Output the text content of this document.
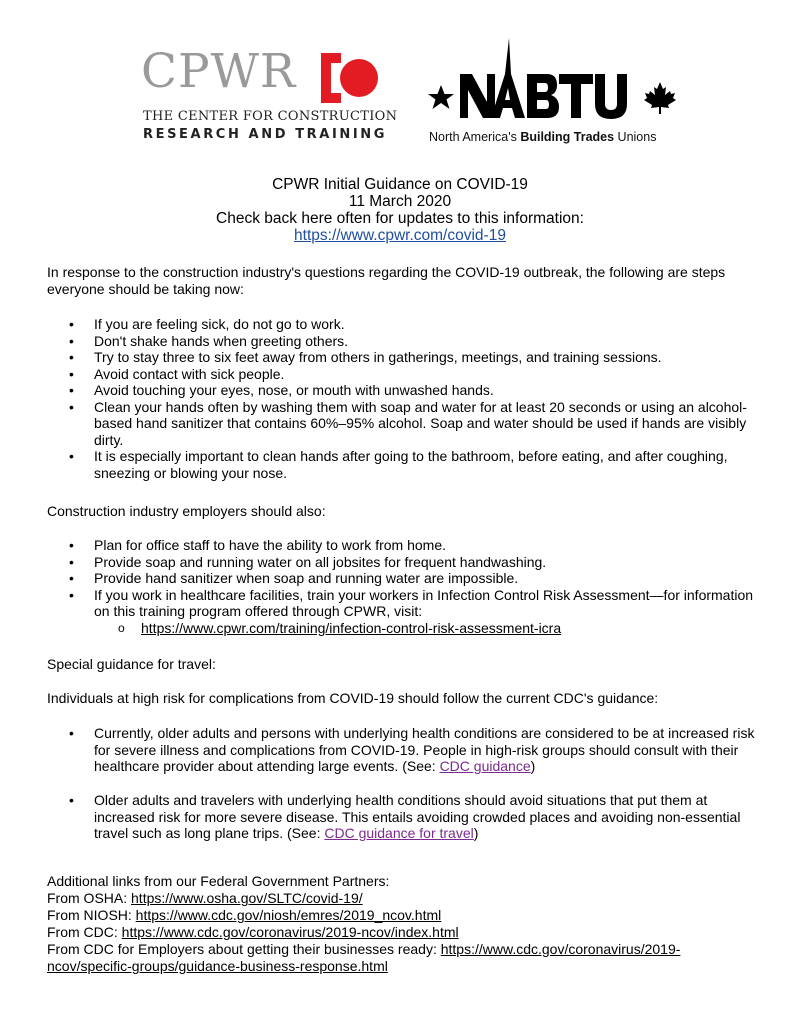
CPWR
THE CENTER FOR CONSTRUCTION
RESEARCH AND TRAINING	North America's Building Trades Unions
CPWR Initial Guidance on COVID-19
11 March 2020
Check back here often for updates to this information:
https://www.cpwr.com/covid-19
In response to the construction industry's questions regarding the COVID-19 outbreak, the following are steps everyone should be taking now:
• If you are feeling sick, do not go to work.
• Don't shake hands when greeting others.
• Try to stay three to six feet away from others in gatherings, meetings, and training sessions.
• Avoid contact with sick people.
• Avoid touching your eyes, nose, or mouth with unwashed hands.
• Clean your hands often by washing them with soap and water for at least 20 seconds or using an alcohol-based hand sanitizer that contains 60%–95% alcohol. Soap and water should be used if hands are visibly dirty.
• It is especially important to clean hands after going to the bathroom, before eating, and after coughing, sneezing or blowing your nose.
Construction industry employers should also:
• Plan for office staff to have the ability to work from home.
• Provide soap and running water on all jobsites for frequent handwashing.
• Provide hand sanitizer when soap and running water are impossible.
• If you work in healthcare facilities, train your workers in Infection Control Risk Assessment—for information on this training program offered through CPWR, visit:
o https://www.cpwr.com/training/infection-control-risk-assessment-icra
Special guidance for travel:
Individuals at high risk for complications from COVID-19 should follow the current CDC's guidance:
• Currently, older adults and persons with underlying health conditions are considered to be at increased risk for severe illness and complications from COVID-19. People in high-risk groups should consult with their healthcare provider about attending large events. (See: CDC guidance)
• Older adults and travelers with underlying health conditions should avoid situations that put them at increased risk for more severe disease. This entails avoiding crowded places and avoiding non-essential travel such as long plane trips. (See: CDC guidance for travel)
Additional links from our Federal Government Partners:
From OSHA: https://www.osha.gov/SLTC/covid-19/
From NIOSH: https://www.cdc.gov/niosh/emres/2019_ncov.html
From CDC: https://www.cdc.gov/coronavirus/2019-ncov/index.html
From CDC for Employers about getting their businesses ready: https://www.cdc.gov/coronavirus/2019-ncov/specific-groups/guidance-business-response.html
